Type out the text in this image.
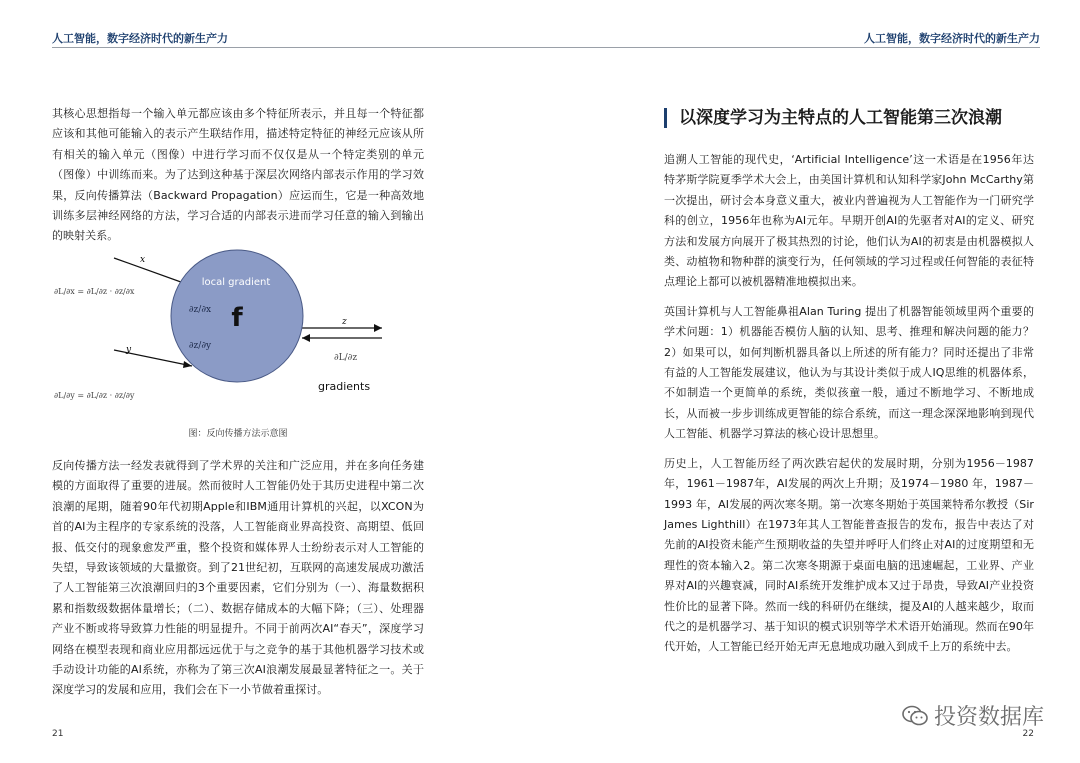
人工智能，数字经济时代的新生产力	人工智能，数字经济时代的新生产力

其核心思想指每一个输入单元都应该由多个特征所表示，并且每一个特征都应该和其他可能输入的表示产生联结作用，描述特定特征的神经元应该从所有相关的输入单元（图像）中进行学习而不仅仅是从一个特定类别的单元（图像）中训练而来。为了达到这种基于深层次网络内部表示作用的学习效果，反向传播算法（Backward Propagation）应运而生，它是一种高效地训练多层神经网络的方法，学习合适的内部表示进而学习任意的输入到输出的映射关系。

f
local gradient
∂z/∂x
∂z/∂y
x
y
z
∂L/∂x = ∂L/∂z · ∂z/∂x
∂L/∂y = ∂L/∂z · ∂z/∂y
∂L/∂z
gradients
图：反向传播方法示意图

反向传播方法一经发表就得到了学术界的关注和广泛应用，并在多向任务建模的方面取得了重要的进展。然而彼时人工智能仍处于其历史进程中第二次浪潮的尾期，随着90年代初期Apple和IBM通用计算机的兴起，以XCON为首的AI为主程序的专家系统的没落，人工智能商业界高投资、高期望、低回报、低交付的现象愈发严重，整个投资和媒体界人士纷纷表示对人工智能的失望，导致该领域的大量撤资。到了21世纪初，互联网的高速发展成功激活了人工智能第三次浪潮回归的3个重要因素，它们分别为（一）、海量数据积累和指数级数据体量增长；（二）、数据存储成本的大幅下降；（三）、处理器产业不断或将导致算力性能的明显提升。不同于前两次AI“春天”，深度学习网络在模型表现和商业应用都远远优于与之竞争的基于其他机器学习技术或手动设计功能的AI系统，亦称为了第三次AI浪潮发展最显著特征之一。关于深度学习的发展和应用，我们会在下一小节做着重探讨。

以深度学习为主特点的人工智能第三次浪潮

追溯人工智能的现代史，‘Artificial Intelligence’这一术语是在1956年达特茅斯学院夏季学术大会上，由美国计算机和认知科学家John McCarthy第一次提出，研讨会本身意义重大，被业内普遍视为人工智能作为一门研究学科的创立，1956年也称为AI元年。早期开创AI的先驱者对AI的定义、研究方法和发展方向展开了极其热烈的讨论，他们认为AI的初衷是由机器模拟人类、动植物和物种群的演变行为，任何领域的学习过程或任何智能的表征特点理论上都可以被机器精准地模拟出来。

英国计算机与人工智能鼻祖Alan Turing 提出了机器智能领域里两个重要的学术问题：1）机器能否模仿人脑的认知、思考、推理和解决问题的能力？2）如果可以，如何判断机器具备以上所述的所有能力？同时还提出了非常有益的人工智能发展建议，他认为与其设计类似于成人IQ思维的机器体系，不如制造一个更简单的系统，类似孩童一般，通过不断地学习、不断地成长，从而被一步步训练成更智能的综合系统，而这一理念深深地影响到现代人工智能、机器学习算法的核心设计思想里。

历史上，人工智能历经了两次跌宕起伏的发展时期，分别为1956－1987 年，1961－1987年，AI发展的两次上升期；及1974－1980 年，1987－1993 年，AI发展的两次寒冬期。第一次寒冬期始于英国莱特希尔教授（Sir James Lighthill）在1973年其人工智能普查报告的发布，报告中表达了对先前的AI投资未能产生预期收益的失望并呼吁人们终止对AI的过度期望和无理性的资本输入2。第二次寒冬期源于桌面电脑的迅速崛起，工业界、产业界对AI的兴趣衰减，同时AI系统开发维护成本又过于昂贵，导致AI产业投资性价比的显著下降。然而一线的科研仍在继续，提及AI的人越来越少，取而代之的是机器学习、基于知识的模式识别等学术术语开始涌现。然而在90年代开始，人工智能已经开始无声无息地成功融入到成千上万的系统中去。

21	22
投资数据库
